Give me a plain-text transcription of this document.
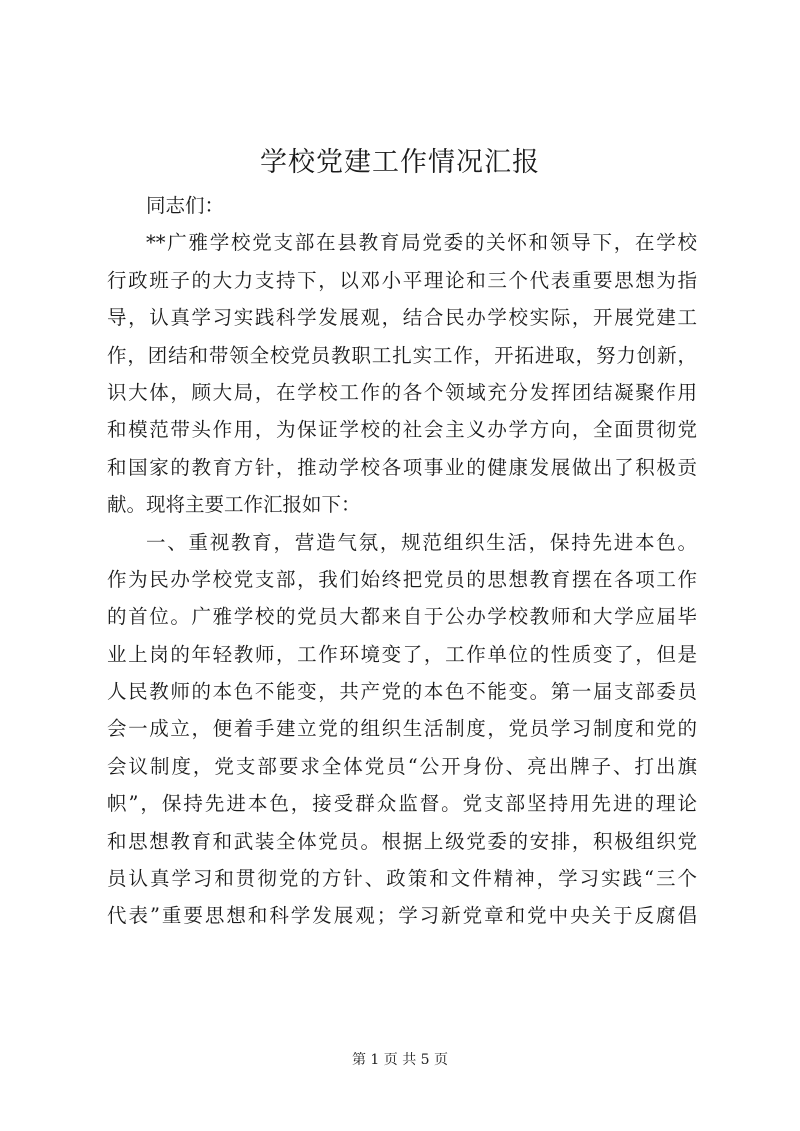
学校党建工作情况汇报
同志们：
**广雅学校党支部在县教育局党委的关怀和领导下，在学校
行政班子的大力支持下，以邓小平理论和三个代表重要思想为指
导，认真学习实践科学发展观，结合民办学校实际，开展党建工
作，团结和带领全校党员教职工扎实工作，开拓进取，努力创新，
识大体，顾大局，在学校工作的各个领域充分发挥团结凝聚作用
和模范带头作用，为保证学校的社会主义办学方向，全面贯彻党
和国家的教育方针，推动学校各项事业的健康发展做出了积极贡
献。现将主要工作汇报如下：
一、重视教育，营造气氛，规范组织生活，保持先进本色。
作为民办学校党支部，我们始终把党员的思想教育摆在各项工作
的首位。广雅学校的党员大都来自于公办学校教师和大学应届毕
业上岗的年轻教师，工作环境变了，工作单位的性质变了，但是
人民教师的本色不能变，共产党的本色不能变。第一届支部委员
会一成立，便着手建立党的组织生活制度，党员学习制度和党的
会议制度，党支部要求全体党员“公开身份、亮出牌子、打出旗
帜”，保持先进本色，接受群众监督。党支部坚持用先进的理论
和思想教育和武装全体党员。根据上级党委的安排，积极组织党
员认真学习和贯彻党的方针、政策和文件精神，学习实践“三个
代表”重要思想和科学发展观；学习新党章和党中央关于反腐倡
第 1 页 共 5 页
